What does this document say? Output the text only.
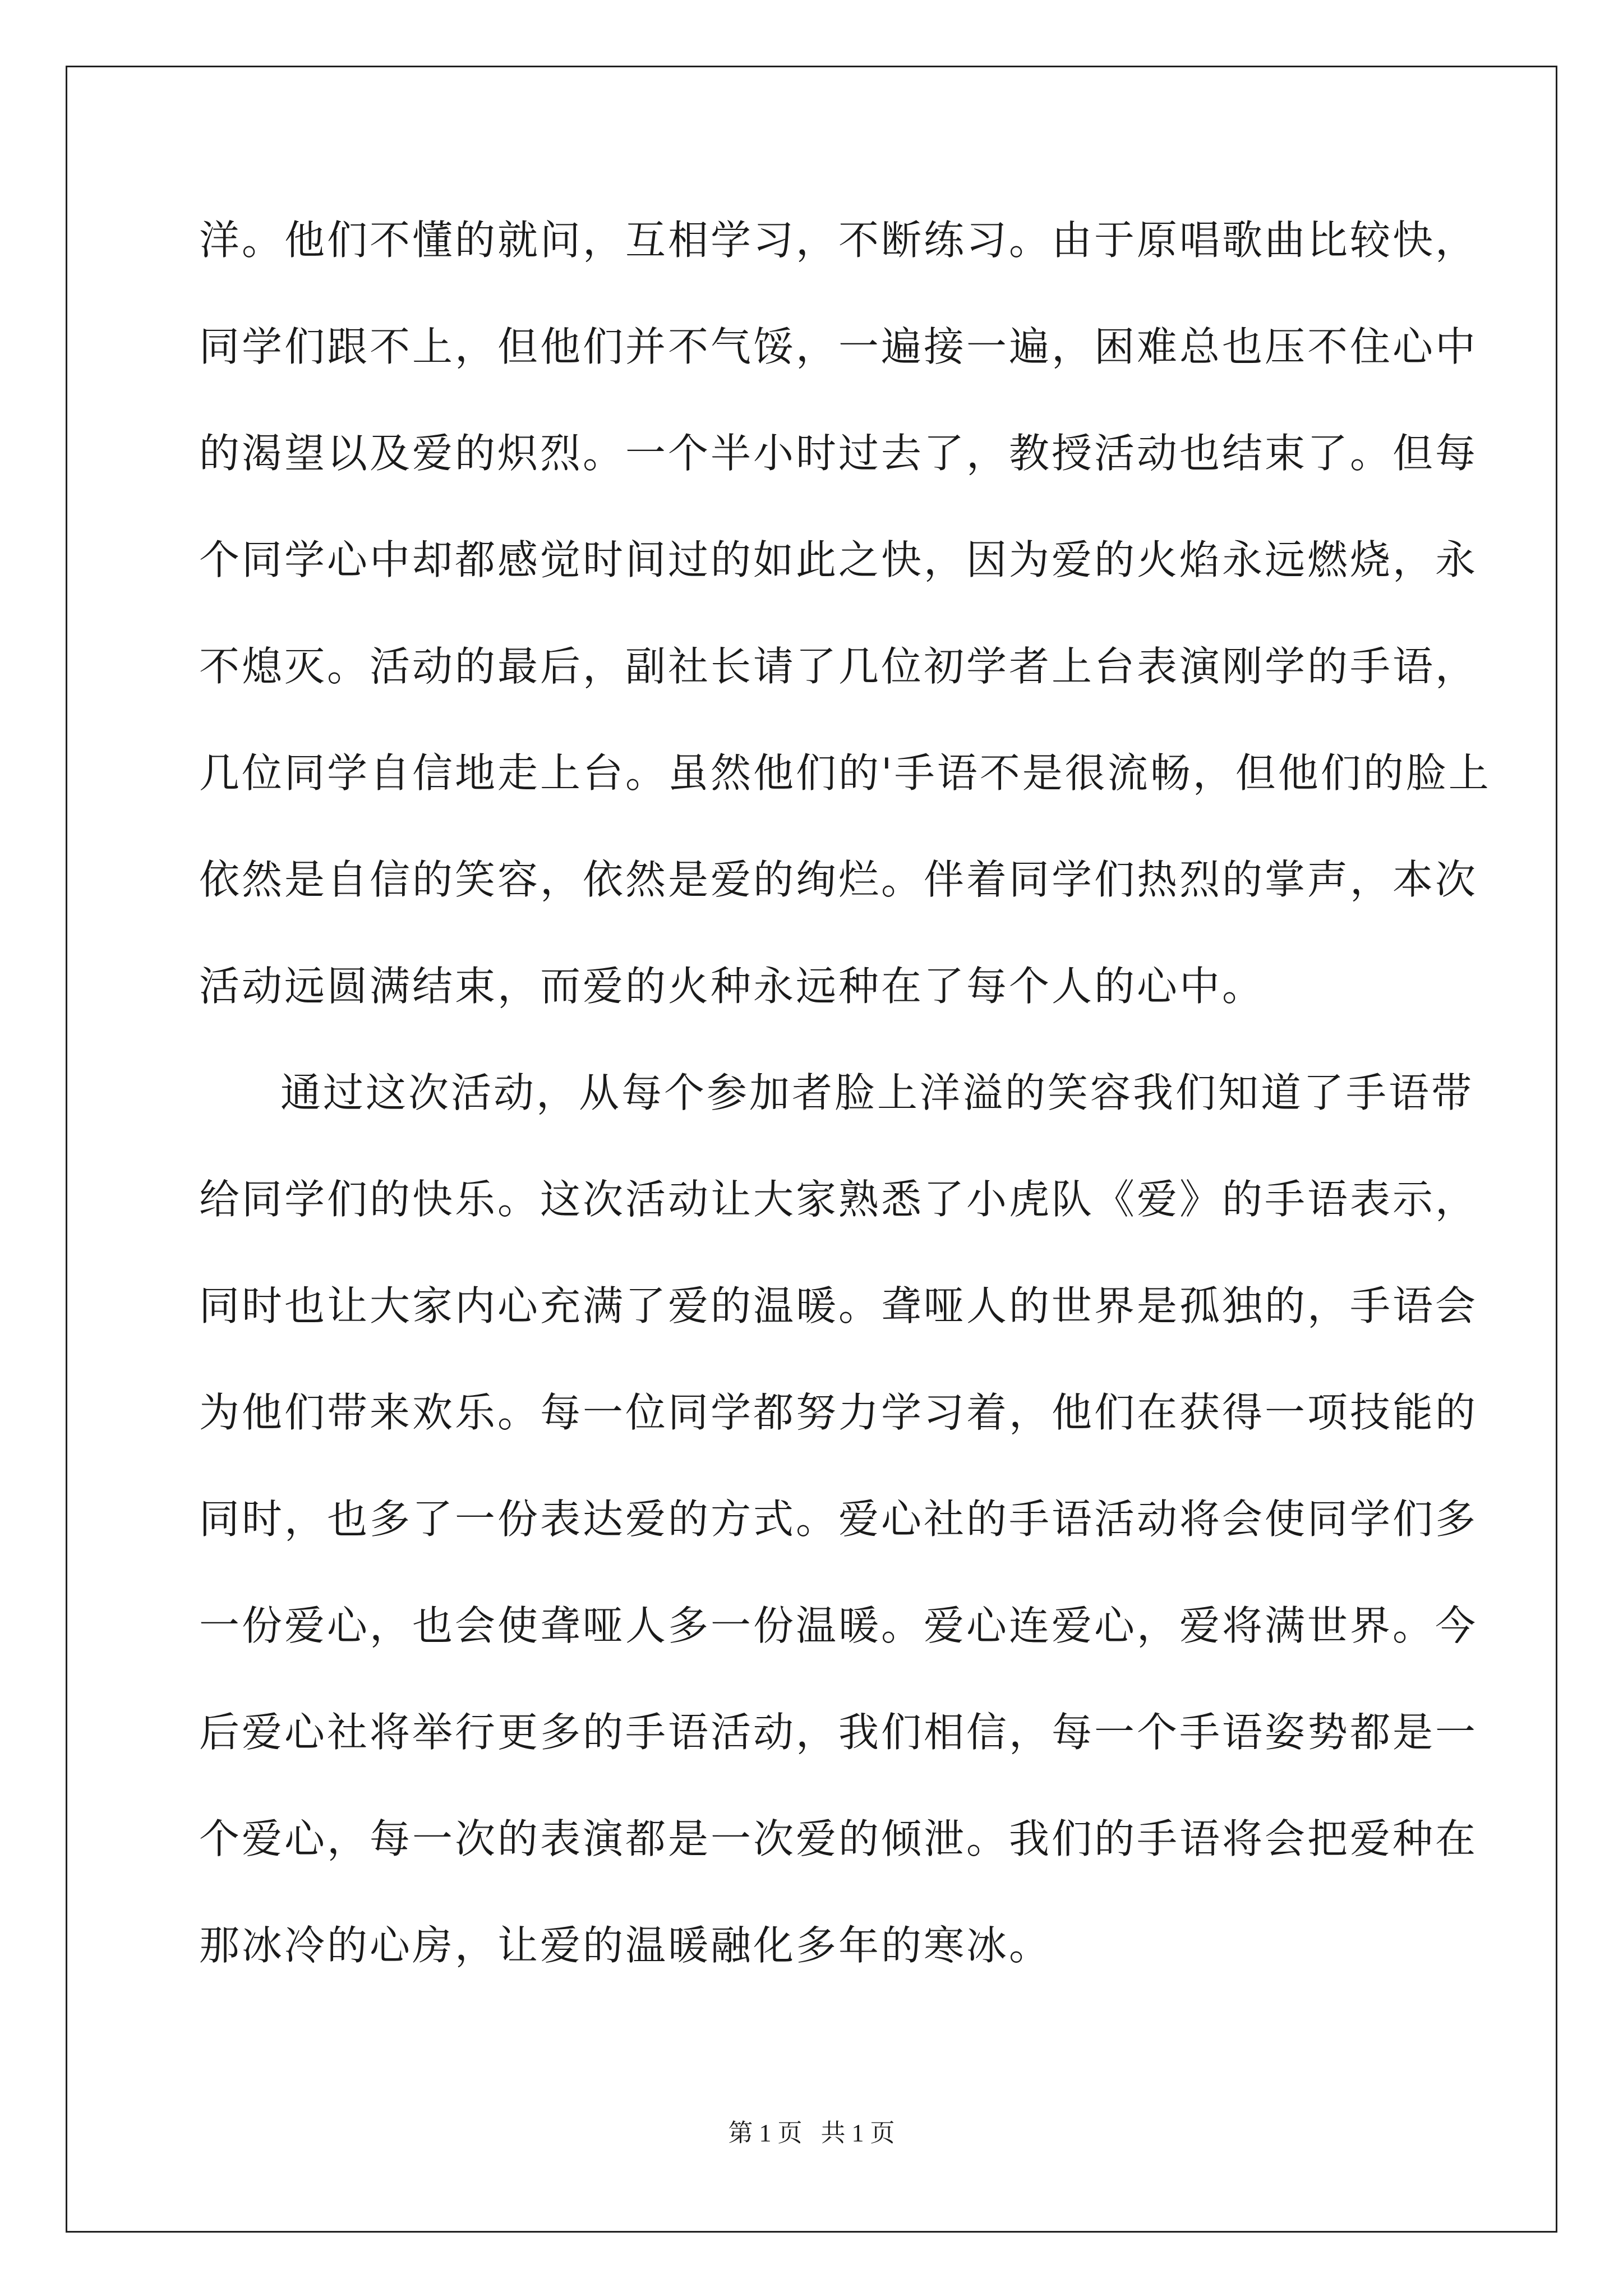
洋。他们不懂的就问，互相学习，不断练习。由于原唱歌曲比较快，
同学们跟不上，但他们并不气馁，一遍接一遍，困难总也压不住心中
的渴望以及爱的炽烈。一个半小时过去了，教授活动也结束了。但每
个同学心中却都感觉时间过的如此之快，因为爱的火焰永远燃烧，永
不熄灭。活动的最后，副社长请了几位初学者上台表演刚学的手语，
几位同学自信地走上台。虽然他们的'手语不是很流畅，但他们的脸上
依然是自信的笑容，依然是爱的绚烂。伴着同学们热烈的掌声，本次
活动远圆满结束，而爱的火种永远种在了每个人的心中。
通过这次活动，从每个参加者脸上洋溢的笑容我们知道了手语带
给同学们的快乐。这次活动让大家熟悉了小虎队《爱》的手语表示，
同时也让大家内心充满了爱的温暖。聋哑人的世界是孤独的，手语会
为他们带来欢乐。每一位同学都努力学习着，他们在获得一项技能的
同时，也多了一份表达爱的方式。爱心社的手语活动将会使同学们多
一份爱心，也会使聋哑人多一份温暖。爱心连爱心，爱将满世界。今
后爱心社将举行更多的手语活动，我们相信，每一个手语姿势都是一
个爱心，每一次的表演都是一次爱的倾泄。我们的手语将会把爱种在
那冰冷的心房，让爱的温暖融化多年的寒冰。
第 1 页   共 1 页
